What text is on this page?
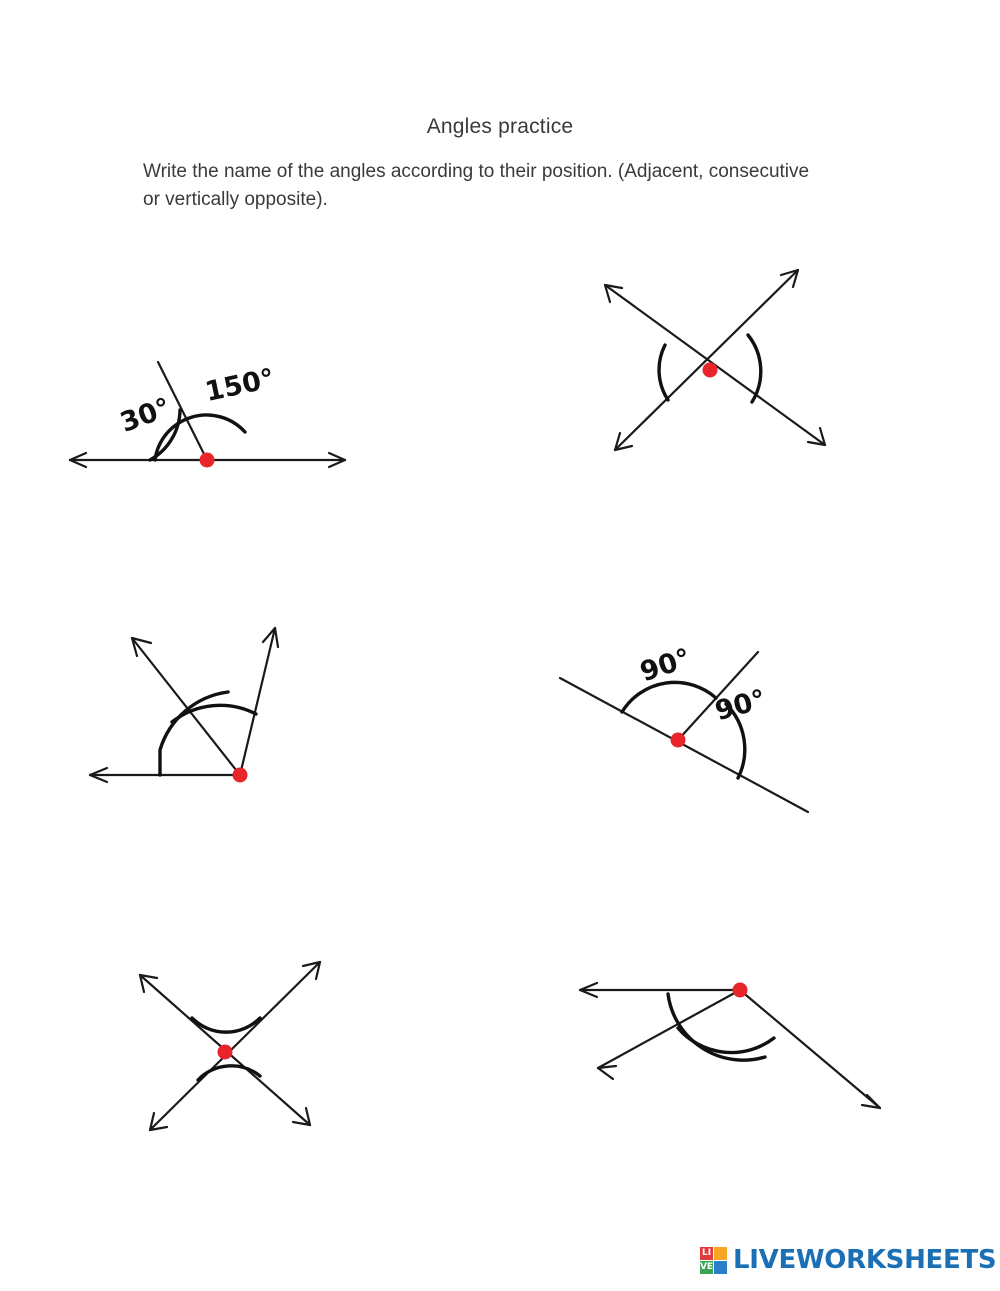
Angles practice
Write the name of the angles according to their position. (Adjacent, consecutive or vertically opposite).
30°
150°
90°
90°
LI
VE LIVEWORKSHEETS
